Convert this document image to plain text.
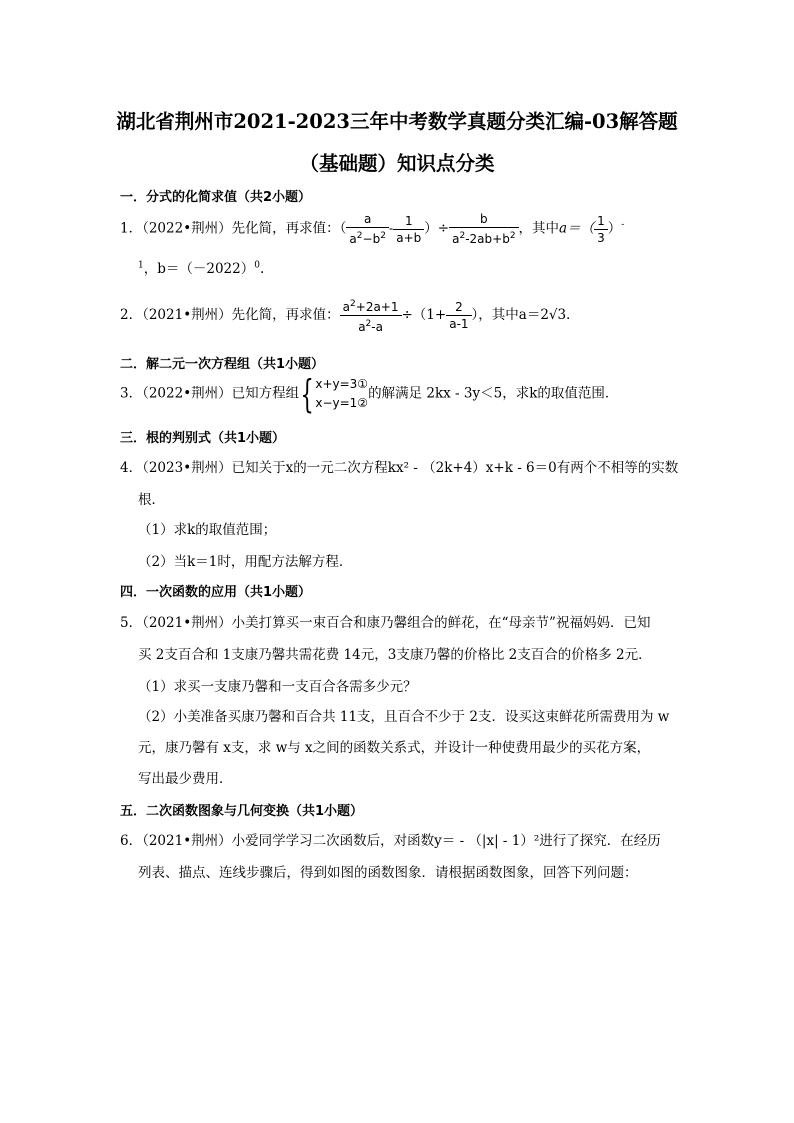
湖北省荆州市2021-2023三年中考数学真题分类汇编-03解答题
（基础题）知识点分类
一．分式的化简求值（共2小题）
1．（2022•荆州）先化简，再求值：（ $\frac{a}{a^2-b^2} - \frac{1}{a+b}$ ）÷ $\frac{b}{a^2-2ab+b^2}$ ，其中$a=( \frac{1}{3} )^-$
$^1$，$b=(-2022)^0$.
2．（2021•荆州）先化简，再求值： $\frac{a^2+2a+1}{a^2-a} \div(1+ \frac{2}{a-1}$ ），其中a＝2√3．
二．解二元一次方程组（共1小题）
3．（2022•荆州）已知方程组{ x+y=3①
x−y=1②
的解满足 2kx - 3y＜5，求k的取值范围．
三．根的判别式（共1小题）
4．（2023•荆州）已知关于x的一元二次方程kx² - （2k+4）x+k - 6＝0有两个不相等的实数
根．
（1）求k的取值范围；
（2）当k＝1时，用配方法解方程．
四．一次函数的应用（共1小题）
5．（2021•荆州）小美打算买一束百合和康乃馨组合的鲜花，在“母亲节”祝福妈妈．已知
买 2支百合和 1支康乃馨共需花费 14元，3支康乃馨的价格比 2支百合的价格多 2元．
（1）求买一支康乃馨和一支百合各需多少元？
（2）小美准备买康乃馨和百合共 11支，且百合不少于 2支．设买这束鲜花所需费用为 w
元，康乃馨有 x支，求 w与 x之间的函数关系式，并设计一种使费用最少的买花方案，
写出最少费用．
五．二次函数图象与几何变换（共1小题）
6．（2021•荆州）小爱同学学习二次函数后，对函数y＝ - （|x| - 1）²进行了探究．在经历
列表、描点、连线步骤后，得到如图的函数图象．请根据函数图象，回答下列问题：
